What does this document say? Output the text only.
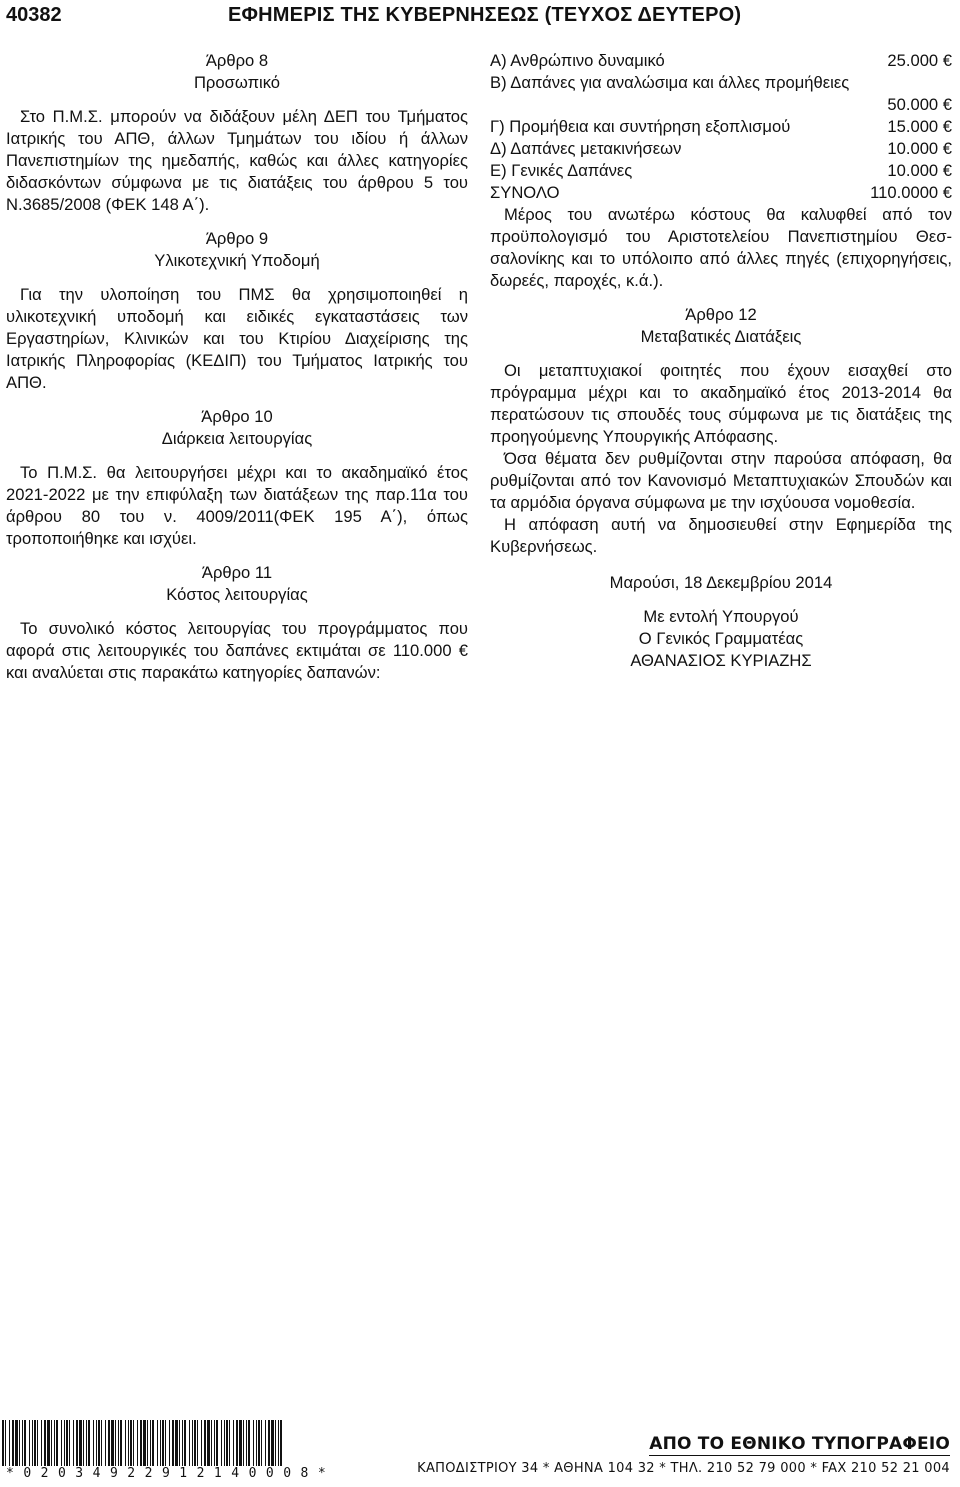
40382	ΕΦΗΜΕΡΙΣ ΤΗΣ ΚΥΒΕΡΝΗΣΕΩΣ (ΤΕΥΧΟΣ ΔΕΥΤΕΡΟ)

Άρθρο 8

Προσωπικό

Στο Π.Μ.Σ. μπορούν να διδάξουν μέλη ΔΕΠ του Τμήματος Ιατρικής του ΑΠΘ, άλλων Τμημάτων του ιδίου ή άλλων Πανεπιστημίων της ημεδαπής, καθώς και άλλες κατηγορίες διδασκόντων σύμφωνα με τις διατάξεις του άρθρου 5 του Ν.3685/2008 (ΦΕΚ 148 Α΄).

Άρθρο 9

Υλικοτεχνική Υποδομή

Για την υλοποίηση του ΠΜΣ θα χρησιμοποιηθεί η υλικοτεχνική υποδομή και ειδικές εγκαταστάσεις των Εργαστηρίων, Κλινικών και του Κτιρίου Διαχείρισης της Ιατρικής Πληροφορίας (ΚΕΔΙΠ) του Τμήματος Ιατρικής του ΑΠΘ.

Άρθρο 10

Διάρκεια λειτουργίας

Το Π.Μ.Σ. θα λειτουργήσει μέχρι και το ακαδημαϊκό έτος 2021-2022 με την επιφύλαξη των διατάξεων της παρ.11α του άρθρου 80 του ν. 4009/2011(ΦΕΚ 195 Α΄), όπως τροποποιήθηκε και ισχύει.

Άρθρο 11

Κόστος λειτουργίας

Το συνολικό κόστος λειτουργίας του προγράμματος που αφορά στις λειτουργικές του δαπάνες εκτιμάται σε 110.000 € και αναλύεται στις παρακάτω κατηγορίες δαπανών:

Α) Ανθρώπινο δυναμικό	25.000 €
Β) Δαπάνες για αναλώσιμα και άλλες προμήθειες
50.000 €
Γ) Προμήθεια και συντήρηση εξοπλισμού	15.000 €
Δ) Δαπάνες μετακινήσεων	10.000 €
Ε) Γενικές Δαπάνες	10.000 €
ΣΥΝΟΛΟ	110.0000 €

Μέρος του ανωτέρω κόστους θα καλυφθεί από τον προϋπολογισμό του Αριστοτελείου Πανεπιστημίου Θεσσαλονίκης και το υπόλοιπο από άλλες πηγές (επιχορηγήσεις, δωρεές, παροχές, κ.ά.).

Άρθρο 12

Μεταβατικές Διατάξεις

Οι μεταπτυχιακοί φοιτητές που έχουν εισαχθεί στο πρόγραμμα μέχρι και το ακαδημαϊκό έτος 2013-2014 θα περατώσουν τις σπουδές τους σύμφωνα με τις διατάξεις της προηγούμενης Υπουργικής Απόφασης.

Όσα θέματα δεν ρυθμίζονται στην παρούσα απόφαση, θα ρυθμίζονται από τον Κανονισμό Μεταπτυχιακών Σπουδών και τα αρμόδια όργανα σύμφωνα με την ισχύουσα νομοθεσία.

Η απόφαση αυτή να δημοσιευθεί στην Εφημερίδα της Κυβερνήσεως.

Μαρούσι, 18 Δεκεμβρίου 2014

Με εντολή Υπουργού

Ο Γενικός Γραμματέας

ΑΘΑΝΑΣΙΟΣ ΚΥΡΙΑΖΗΣ

*02034922912140008*
ΑΠΟ ΤΟ ΕΘΝΙΚΟ ΤΥΠΟΓΡΑΦΕΙΟ
ΚΑΠΟΔΙΣΤΡΙΟΥ 34 * ΑΘΗΝΑ 104 32 * ΤΗΛ. 210 52 79 000 * FAX 210 52 21 004
